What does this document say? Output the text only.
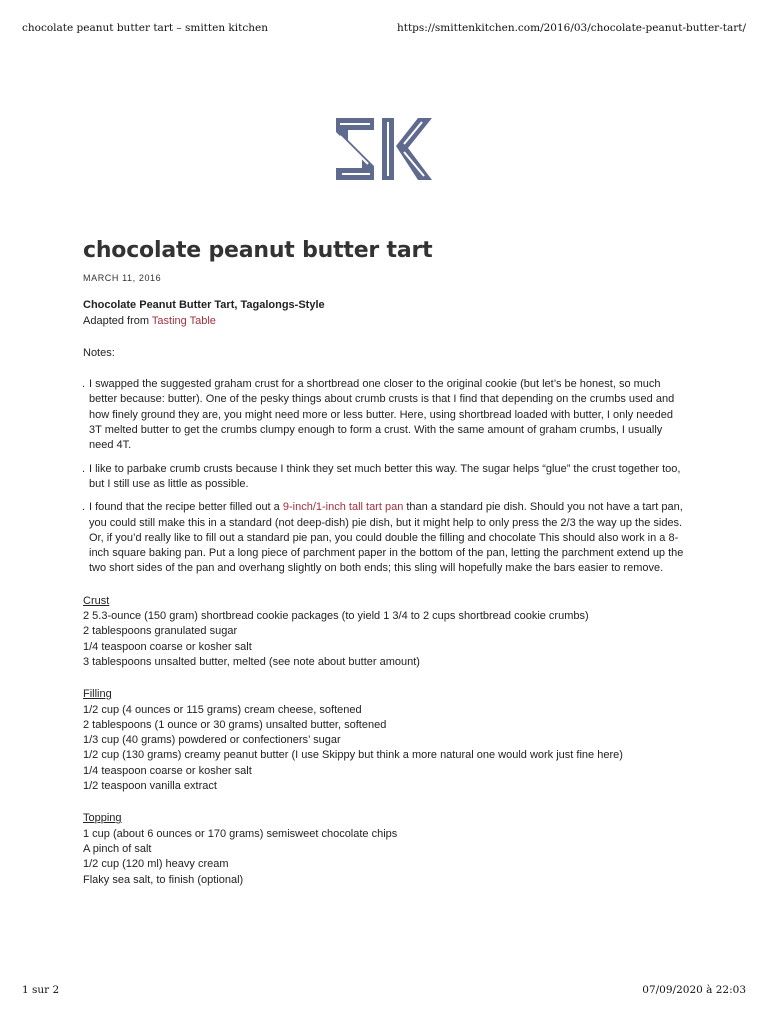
chocolate peanut butter tart – smitten kitchen	https://smittenkitchen.com/2016/03/chocolate-peanut-butter-tart/
chocolate peanut butter tart
MARCH 11, 2016
Chocolate Peanut Butter Tart, Tagalongs-Style
Adapted from Tasting Table
Notes:
. I swapped the suggested graham crust for a shortbread one closer to the original cookie (but let’s be honest, so much better because: butter). One of the pesky things about crumb crusts is that I find that depending on the crumbs used and how finely ground they are, you might need more or less butter. Here, using shortbread loaded with butter, I only needed 3T melted butter to get the crumbs clumpy enough to form a crust. With the same amount of graham crumbs, I usually need 4T.
. I like to parbake crumb crusts because I think they set much better this way. The sugar helps “glue” the crust together too, but I still use as little as possible.
. I found that the recipe better filled out a 9-inch/1-inch tall tart pan than a standard pie dish. Should you not have a tart pan, you could still make this in a standard (not deep-dish) pie dish, but it might help to only press the 2/3 the way up the sides. Or, if you’d really like to fill out a standard pie pan, you could double the filling and chocolate This should also work in a 8-inch square baking pan. Put a long piece of parchment paper in the bottom of the pan, letting the parchment extend up the two short sides of the pan and overhang slightly on both ends; this sling will hopefully make the bars easier to remove.
Crust
2 5.3-ounce (150 gram) shortbread cookie packages (to yield 1 3/4 to 2 cups shortbread cookie crumbs)
2 tablespoons granulated sugar
1/4 teaspoon coarse or kosher salt
3 tablespoons unsalted butter, melted (see note about butter amount)
Filling
1/2 cup (4 ounces or 115 grams) cream cheese, softened
2 tablespoons (1 ounce or 30 grams) unsalted butter, softened
1/3 cup (40 grams) powdered or confectioners’ sugar
1/2 cup (130 grams) creamy peanut butter (I use Skippy but think a more natural one would work just fine here)
1/4 teaspoon coarse or kosher salt
1/2 teaspoon vanilla extract
Topping
1 cup (about 6 ounces or 170 grams) semisweet chocolate chips
A pinch of salt
1/2 cup (120 ml) heavy cream
Flaky sea salt, to finish (optional)
1 sur 2	07/09/2020 à 22:03
